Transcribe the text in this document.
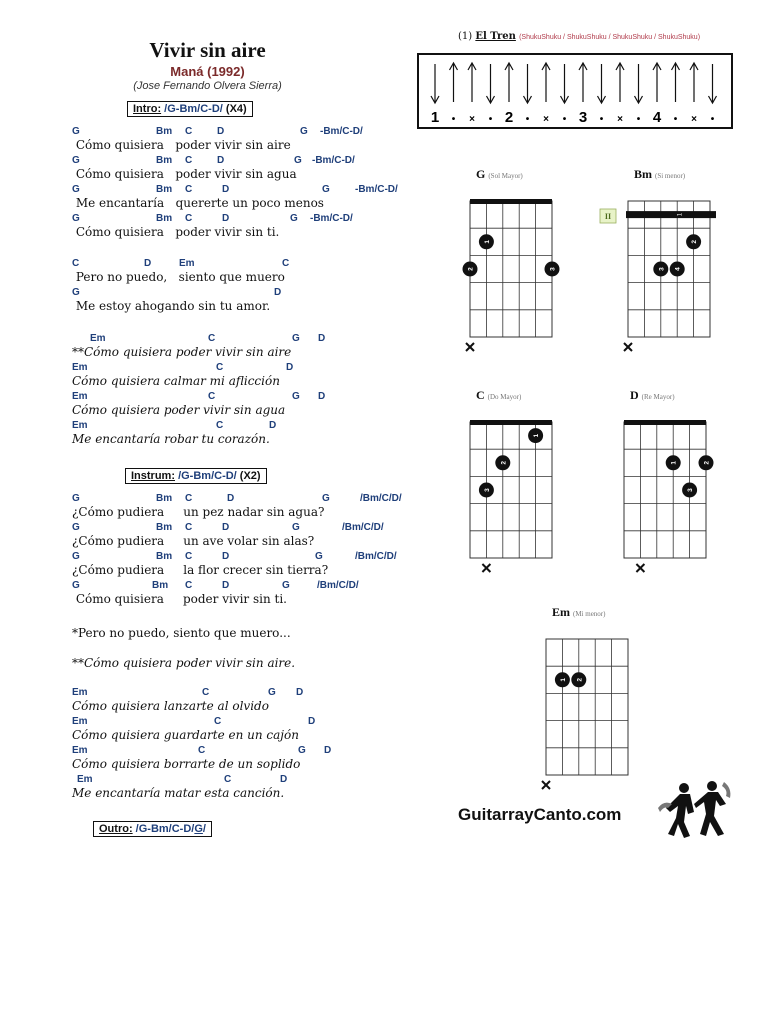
Vivir sin aire
Maná (1992)
(Jose Fernando Olvera Sierra)
Intro: /G-Bm/C-D/ (X4)
G	Bm C D	G -Bm/C-D/
Cómo quisiera   poder vivir sin aire
G	Bm C D	G -Bm/C-D/
Cómo quisiera   poder vivir sin agua
G	Bm C	D	G	-Bm/C-D/
Me encantaría   quererte un poco menos
G	Bm C	D	G -Bm/C-D/
Cómo quisiera   poder vivir sin ti.
C	D	Em	C
Pero no puedo,   siento que muero
G	D
Me estoy ahogando sin tu amor.
Em	C	G D
**Cómo quisiera poder vivir sin aire
Em	C	D
Cómo quisiera calmar mi aflicción
Em	C	G D
Cómo quisiera poder vivir sin agua
Em	C	D
Me encantaría robar tu corazón.
Instrum: /G-Bm/C-D/ (X2)
G	Bm C	D	G	/Bm/C/D/
¿Cómo pudiera     un pez nadar sin agua?
G	Bm C	D	G	/Bm/C/D/
¿Cómo pudiera     un ave volar sin alas?
G	Bm C	D	G	/Bm/C/D/
¿Cómo pudiera     la flor crecer sin tierra?
G	Bm C	D	G	/Bm/C/D/
Cómo quisiera     poder vivir sin ti.
*Pero no puedo, siento que muero...
**Cómo quisiera poder vivir sin aire.
Em	C	G D
Cómo quisiera lanzarte al olvido
Em	C	D
Cómo quisiera guardarte en un cajón
Em	C	G D
Cómo quisiera borrarte de un soplido
Em	C	D
Me encantaría matar esta canción.
Outro: /G-Bm/C-D/G/
(1) El Tren (ShukuShuku / ShukuShuku / ShukuShuku / ShukuShuku)
1 • × • 2 • × • 3 • × • 4 • × •
G (Sol Mayor)
1
2	3
Bm (Si menor)
1
II
2
3 4
C (Do Mayor)
1
2
3
D (Re Mayor)
1	2
3
Em (Mi menor)
1 2
GuitarrayCanto.com
